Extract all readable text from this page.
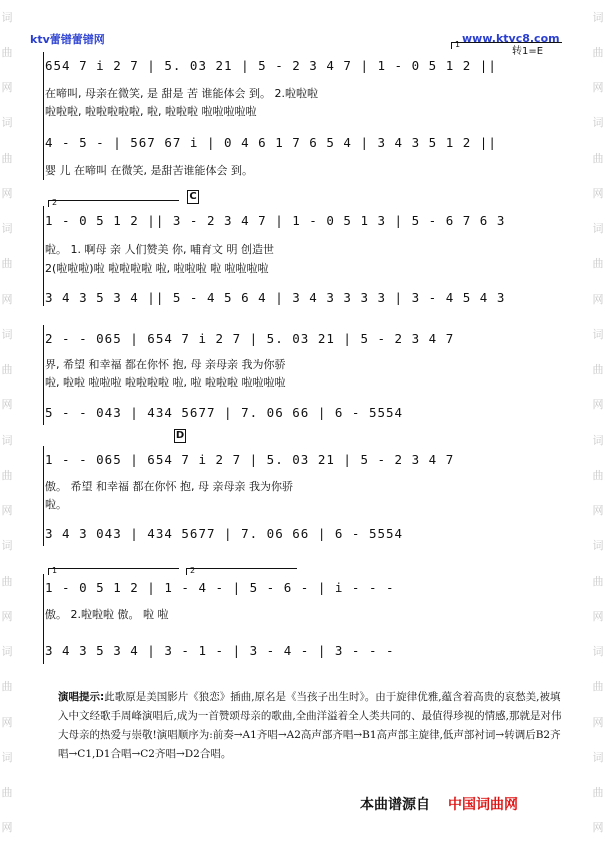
词
曲
网
词
曲
网
词
曲
网
词
曲
网
词
曲
网
词
曲
网
词
曲
网
词
曲
网
词
曲
网
词
曲
网
词
曲
网
词
曲
网
词
曲
网
词
曲
网
词
曲
网
词
曲
网
ktv蕾镨蕾镨网	www.ktvc8.com
转1=E
1
654 7 i 2 7 | 5. 03 21 | 5 - 2 3 4 7 | 1 - 0 5 1 2 ||
在啼叫, 母亲在微笑, 是 甜是 苦 谁能体会 到。 2.啦啦啦
啦啦啦, 啦啦啦啦啦, 啦, 啦啦啦 啦啦啦啦啦
4 - 5 - | 567 67 i | 0 4 6 1 7 6 5 4 | 3 4 3 5 1 2 ||
婴 儿 在啼叫 在微笑, 是甜苦谁能体会 到。
C
2
1 - 0 5 1 2 || 3 - 2 3 4 7 | 1 - 0 5 1 3 | 5 - 6 7 6 3
啦。 1. 啊母 亲 人们赞美 你, 哺育文 明 创造世
2(啦啦啦)啦 啦啦啦啦 啦, 啦啦啦 啦 啦啦啦啦
3 4 3 5 3 4 || 5 - 4 5 6 4 | 3 4 3 3 3 3 | 3 - 4 5 4 3
2 - - 065 | 654 7 i 2 7 | 5. 03 21 | 5 - 2 3 4 7
界, 希望 和幸福 都在你怀 抱, 母 亲母亲 我为你骄
啦, 啦啦 啦啦啦 啦啦啦啦 啦, 啦 啦啦啦 啦啦啦啦
5 - - 043 | 434 5677 | 7. 06 66 | 6 - 5554
D
1 - - 065 | 654 7 i 2 7 | 5. 03 21 | 5 - 2 3 4 7
傲。 希望 和幸福 都在你怀 抱, 母 亲母亲 我为你骄
啦。
3 4 3 043 | 434 5677 | 7. 06 66 | 6 - 5554
1	2
1 - 0 5 1 2 | 1 - 4 - | 5 - 6 - | i - - -
傲。 2.啦啦啦 傲。 啦 啦
3 4 3 5 3 4 | 3 - 1 - | 3 - 4 - | 3 - - -
演唱提示:此歌原是美国影片《狼恋》插曲,原名是《当孩子出生时》。由于旋律优雅,蕴含着高贵的哀愁美,被填入中文经歌手周峰演唱后,成为一首赞颂母亲的歌曲,全曲洋溢着全人类共同的、最值得珍视的情感,那就是对伟大母亲的热爱与崇敬!演唱顺序为:前奏→A1齐唱→A2高声部齐唱→B1高声部主旋律,低声部衬词→转调后B2齐唱→C1,D1合唱→C2齐唱→D2合唱。
本曲谱源自 中国词曲网
